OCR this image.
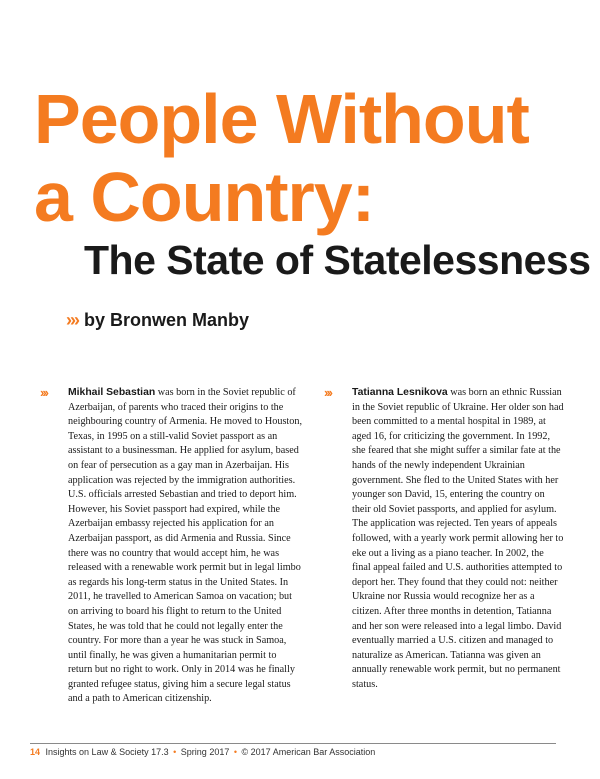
People Without
a Country:
The State of Statelessness
››› by Bronwen Manby
›››	Mikhail Sebastian was born in the Soviet republic of Azerbaijan, of parents who traced their origins to the neighbouring country of Armenia. He moved to Houston, Texas, in 1995 on a still-valid Soviet passport as an assistant to a businessman. He applied for asylum, based on fear of persecution as a gay man in Azerbaijan. His application was rejected by the immigration authorities. U.S. officials arrested Sebastian and tried to deport him. However, his Soviet passport had expired, while the Azerbaijan embassy rejected his application for an Azerbaijan passport, as did Armenia and Russia. Since there was no country that would accept him, he was released with a renewable work permit but in legal limbo as regards his long-term status in the United States. In 2011, he travelled to American Samoa on vacation; but on arriving to board his flight to return to the United States, he was told that he could not legally enter the country. For more than a year he was stuck in Samoa, until finally, he was given a humanitarian permit to return but no right to work. Only in 2014 was he finally granted refugee status, giving him a secure legal status and a path to American citizenship.

›››	Tatianna Lesnikova was born an ethnic Russian in the Soviet republic of Ukraine. Her older son had been committed to a mental hospital in 1989, at aged 16, for criticizing the government. In 1992, she feared that she might suffer a similar fate at the hands of the newly independent Ukrainian government. She fled to the United States with her younger son David, 15, entering the country on their old Soviet passports, and applied for asylum. The application was rejected. Ten years of appeals followed, with a yearly work permit allowing her to eke out a living as a piano teacher. In 2002, the final appeal failed and U.S. authorities attempted to deport her. They found that they could not: neither Ukraine nor Russia would recognize her as a citizen. After three months in detention, Tatianna and her son were released into a legal limbo. David eventually married a U.S. citizen and managed to naturalize as American. Tatianna was given an annually renewable work permit, but no permanent status.

14 Insights on Law & Society 17.3 • Spring 2017 • © 2017 American Bar Association
